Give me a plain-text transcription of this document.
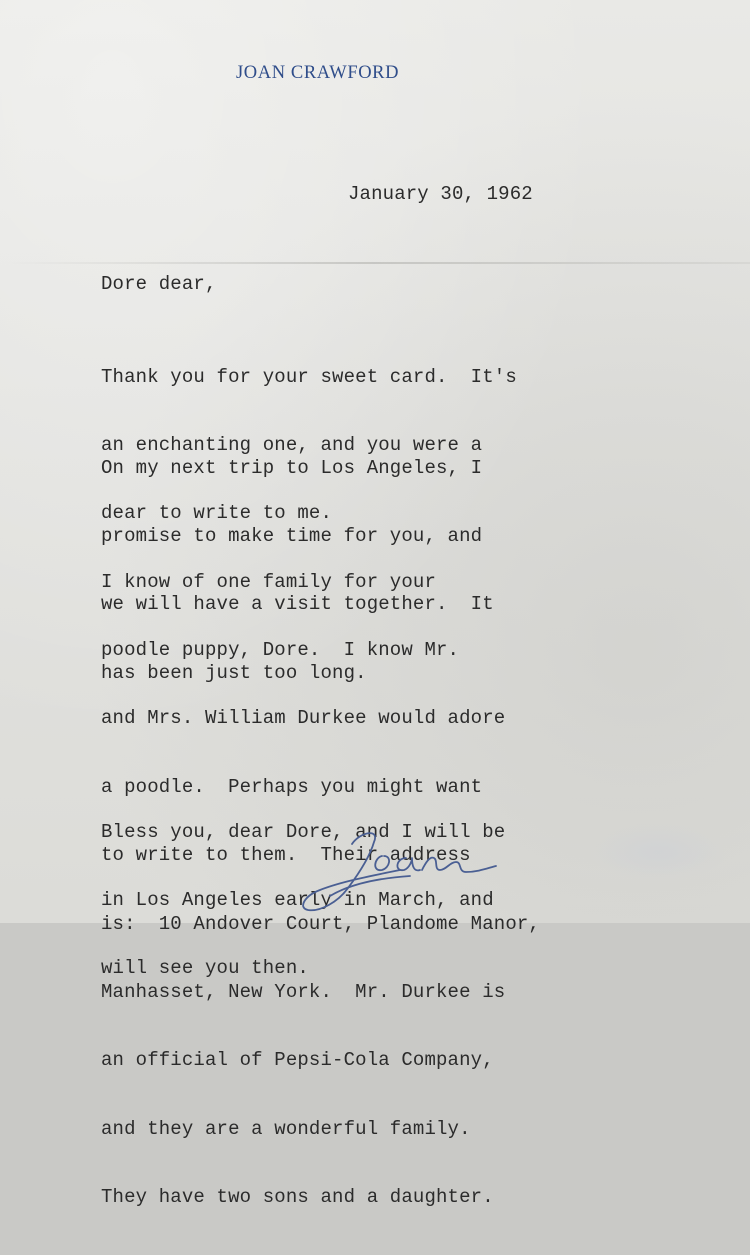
JOAN CRAWFORD
January 30, 1962
Dore dear,

Thank you for your sweet card.  It's

an enchanting one, and you were a

dear to write to me.

On my next trip to Los Angeles, I

promise to make time for you, and

we will have a visit together.  It

has been just too long.

I know of one family for your

poodle puppy, Dore.  I know Mr.

and Mrs. William Durkee would adore

a poodle.  Perhaps you might want

to write to them.  Their address

is:  10 Andover Court, Plandome Manor,

Manhasset, New York.  Mr. Durkee is

an official of Pepsi-Cola Company,

and they are a wonderful family.

They have two sons and a daughter.

Bless you, dear Dore, and I will be

in Los Angeles early in March, and

will see you then.
